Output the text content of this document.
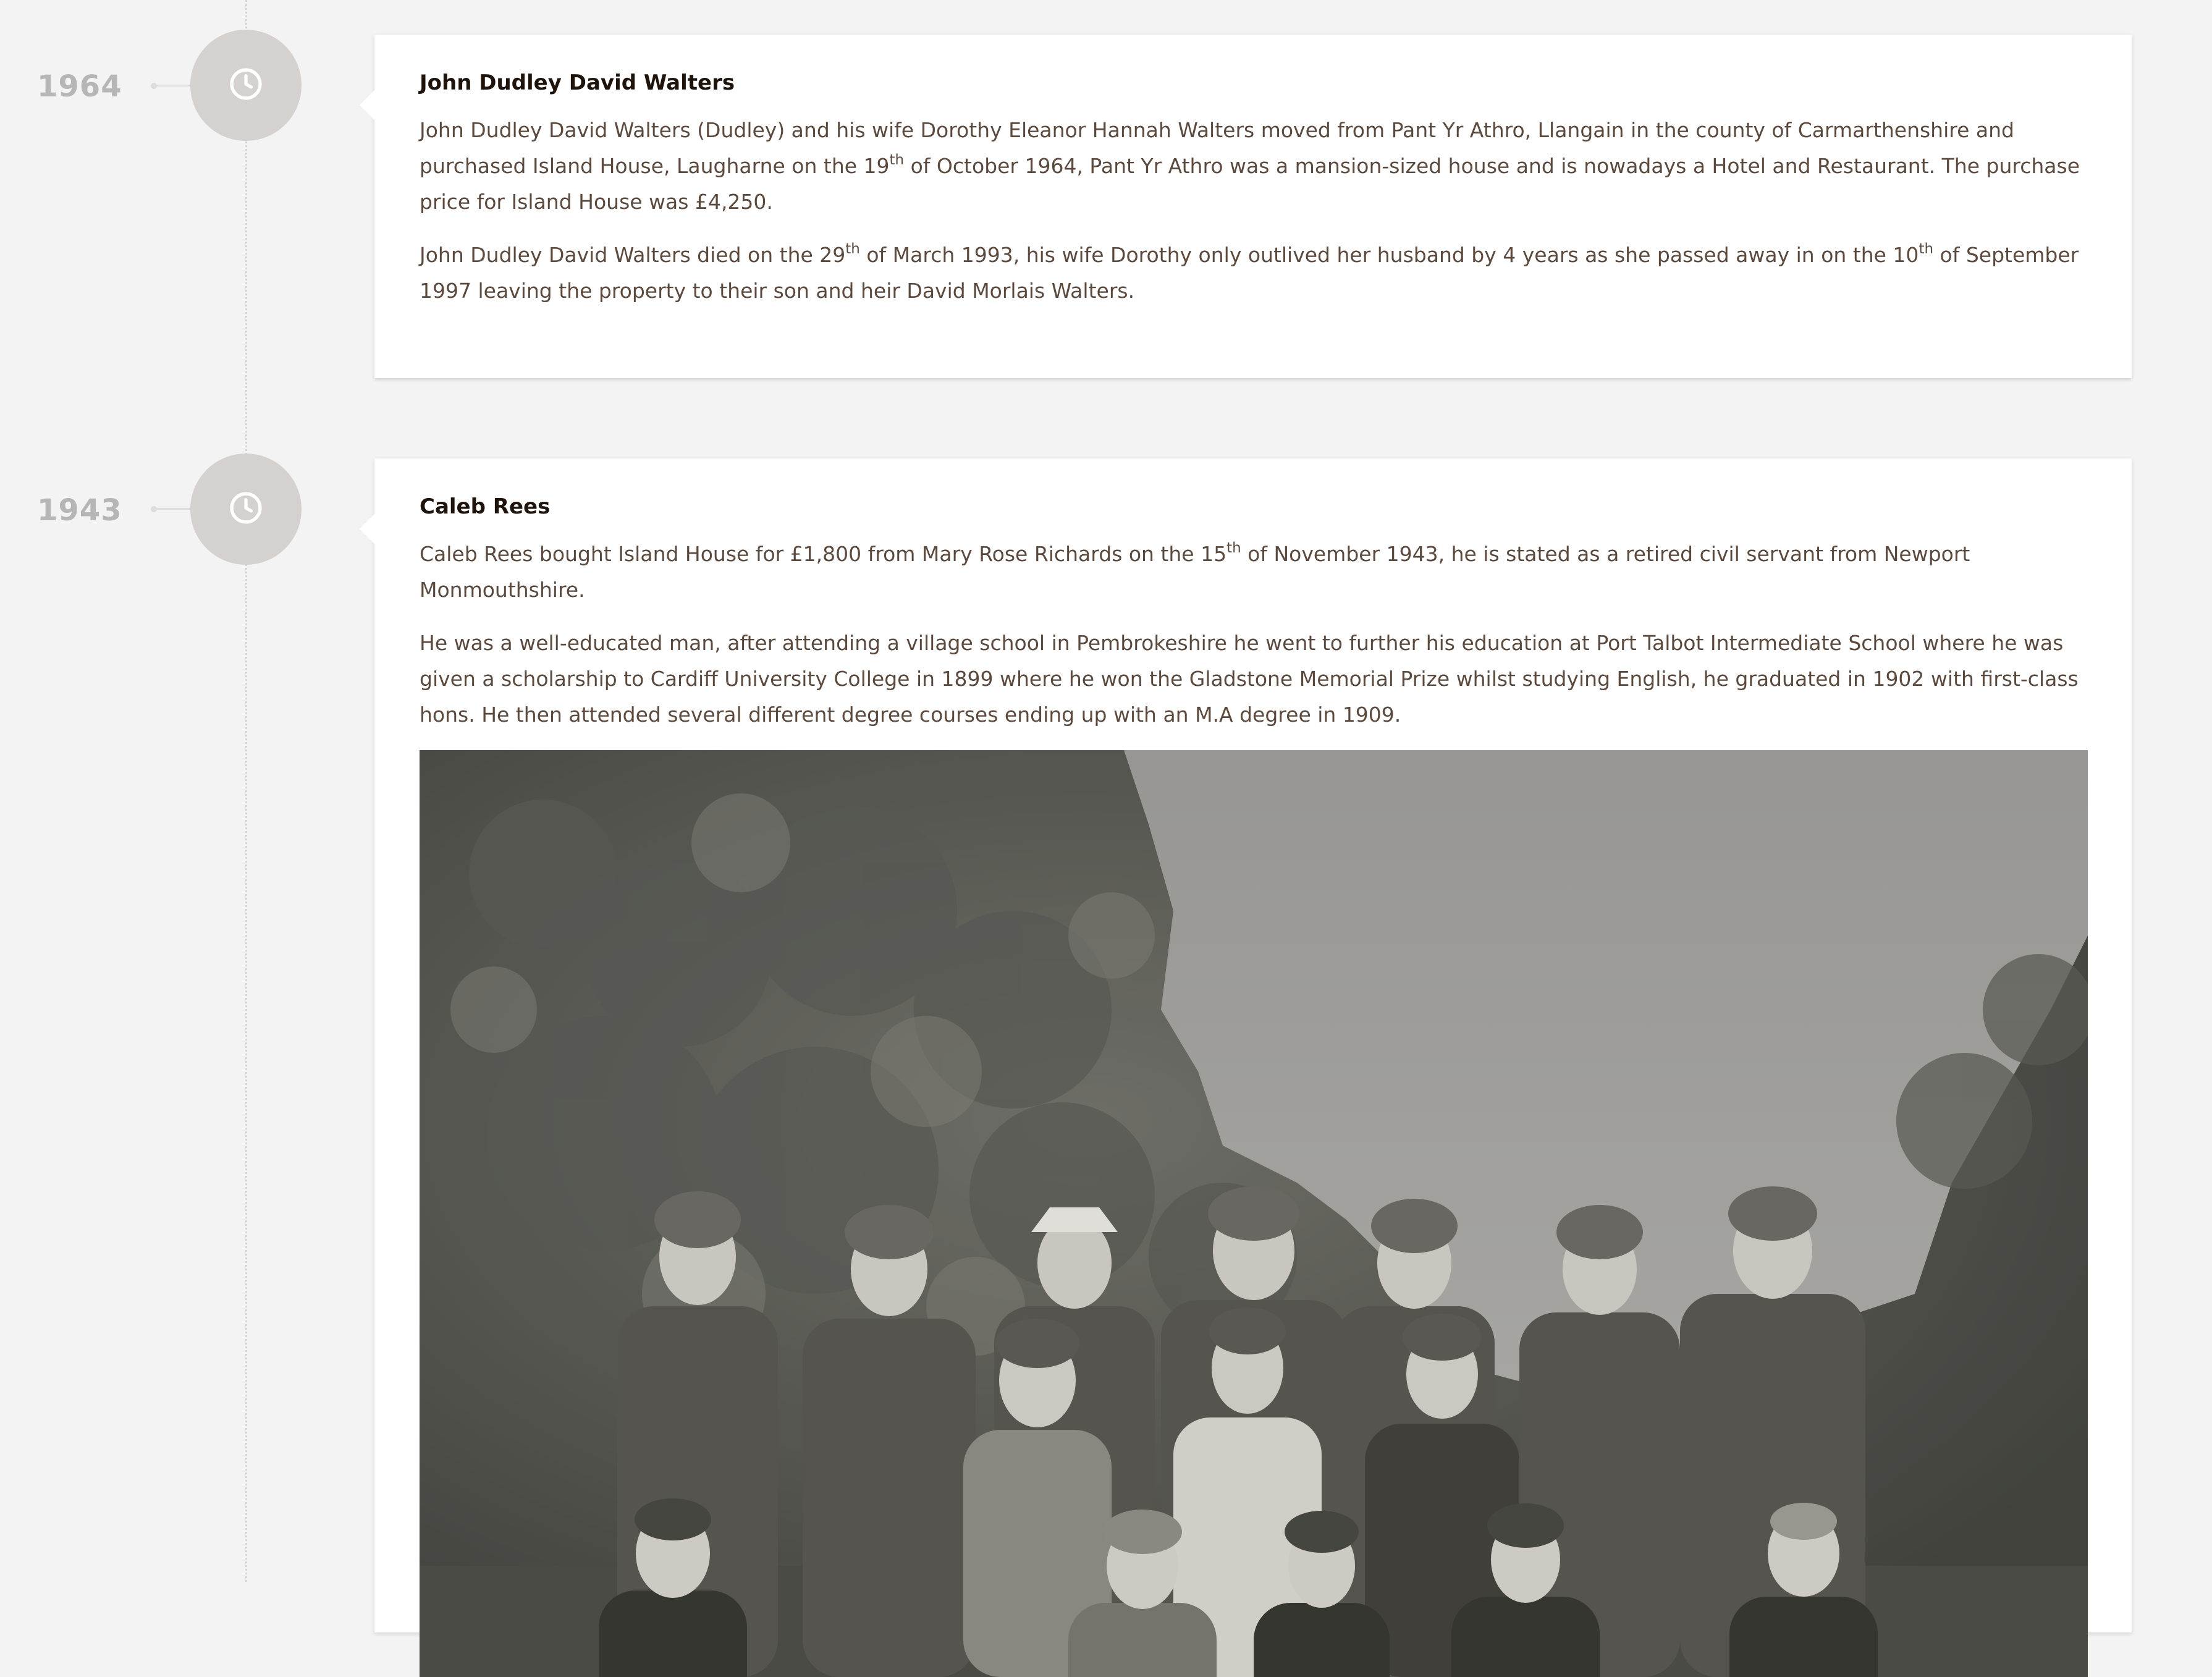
1964	John Dudley David Walters

John Dudley David Walters (Dudley) and his wife Dorothy Eleanor Hannah Walters moved from Pant Yr Athro, Llangain in the county of Carmarthenshire and purchased Island House, Laugharne on the 19th of October 1964, Pant Yr Athro was a mansion-sized house and is nowadays a Hotel and Restaurant. The purchase price for Island House was £4,250.

John Dudley David Walters died on the 29th of March 1993, his wife Dorothy only outlived her husband by 4 years as she passed away in on the 10th of September 1997 leaving the property to their son and heir David Morlais Walters.

1943	Caleb Rees

Caleb Rees bought Island House for £1,800 from Mary Rose Richards on the 15th of November 1943, he is stated as a retired civil servant from Newport Monmouthshire.

He was a well-educated man, after attending a village school in Pembrokeshire he went to further his education at Port Talbot Intermediate School where he was given a scholarship to Cardiff University College in 1899 where he won the Gladstone Memorial Prize whilst studying English, he graduated in 1902 with first-class hons. He then attended several different degree courses ending up with an M.A degree in 1909.
